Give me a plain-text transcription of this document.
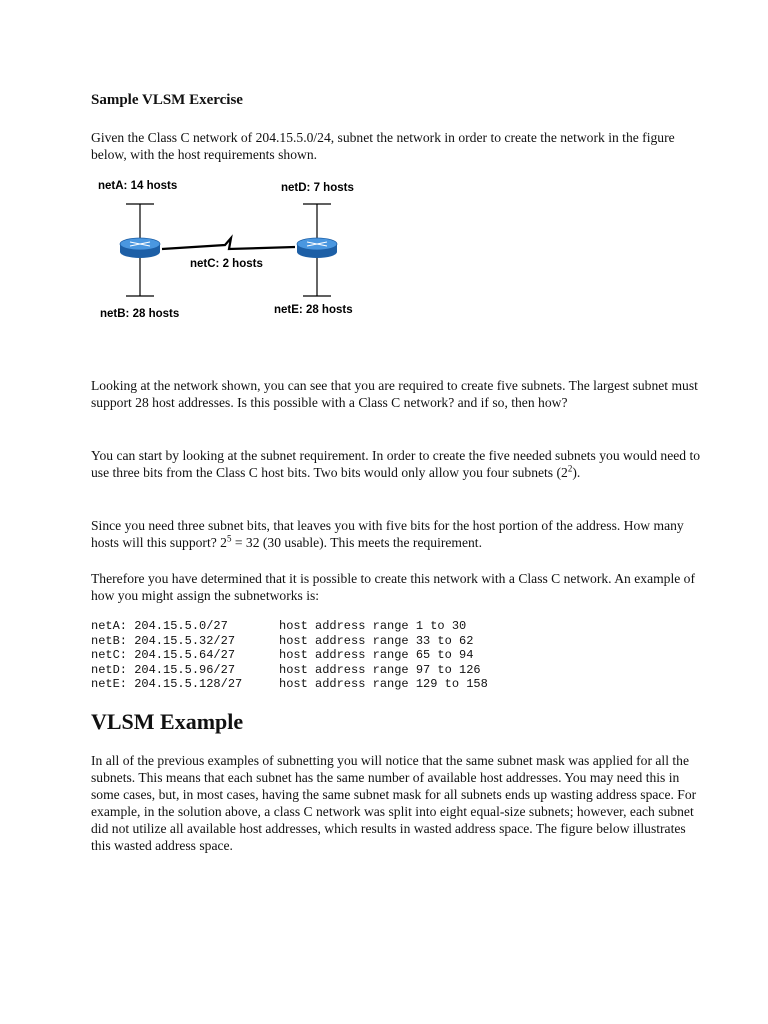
Sample VLSM Exercise

Given the Class C network of 204.15.5.0/24, subnet the network in order to create the network in the figure below, with the host requirements shown.

netA: 14 hosts	netD: 7 hosts
netC: 2 hosts
netB: 28 hosts	netE: 28 hosts

Looking at the network shown, you can see that you are required to create five subnets. The largest subnet must support 28 host addresses. Is this possible with a Class C network? and if so, then how?

You can start by looking at the subnet requirement. In order to create the five needed subnets you would need to use three bits from the Class C host bits. Two bits would only allow you four subnets $(2^2)$.

Since you need three subnet bits, that leaves you with five bits for the host portion of the address. How many hosts will this support? $2^5 = 32$ (30 usable). This meets the requirement.

Therefore you have determined that it is possible to create this network with a Class C network. An example of how you might assign the subnetworks is:

netA: 204.15.5.0/27	host address range 1 to 30
netB: 204.15.5.32/27	host address range 33 to 62
netC: 204.15.5.64/27	host address range 65 to 94
netD: 204.15.5.96/27	host address range 97 to 126
netE: 204.15.5.128/27	host address range 129 to 158
VLSM Example

In all of the previous examples of subnetting you will notice that the same subnet mask was applied for all the subnets. This means that each subnet has the same number of available host addresses. You may need this in some cases, but, in most cases, having the same subnet mask for all subnets ends up wasting address space. For example, in the solution above, a class C network was split into eight equal-size subnets; however, each subnet did not utilize all available host addresses, which results in wasted address space. The figure below illustrates this wasted address space.
